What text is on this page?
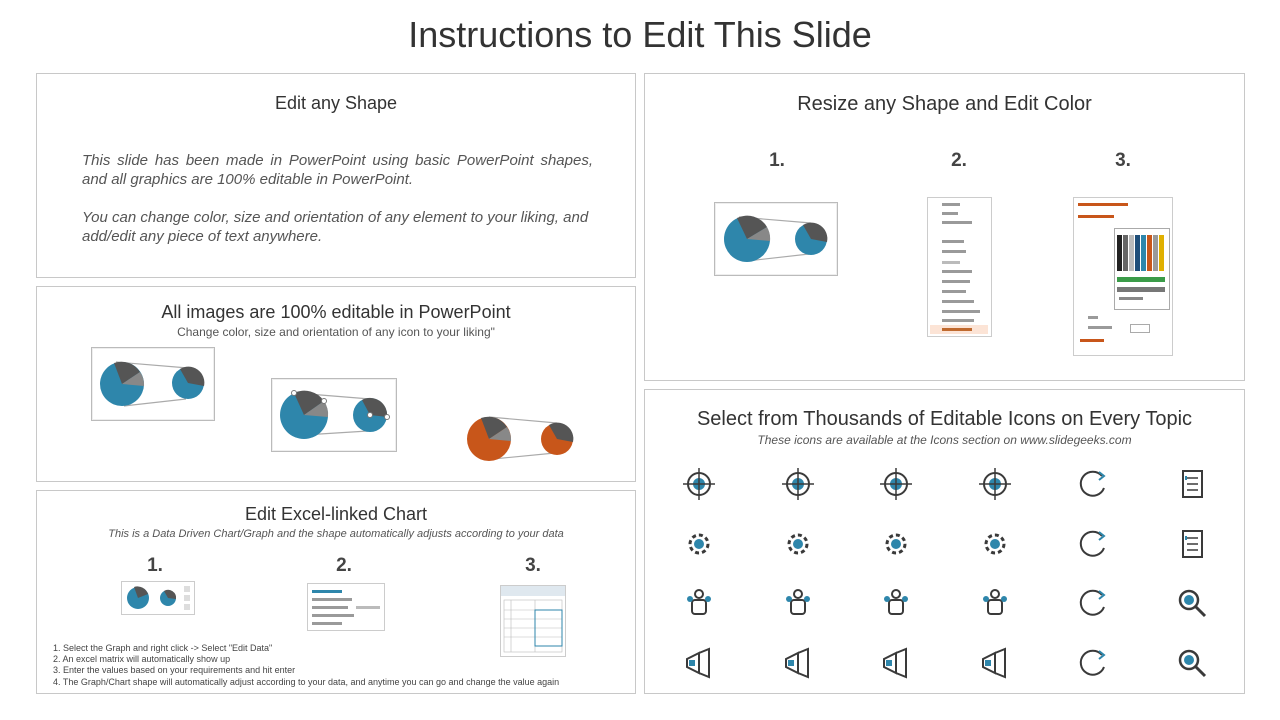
Instructions to Edit This Slide
Edit any Shape
This slide has been made in PowerPoint using basic PowerPoint shapes, and all graphics are 100% editable in PowerPoint.
You can change color, size and orientation of any element to your liking, and add/edit any piece of text anywhere.
All images are 100% editable in PowerPoint
Change color, size and orientation of any icon to your liking"
Edit Excel-linked Chart
This is a Data Driven Chart/Graph and the shape automatically adjusts according to your data
1.	2.	3.
1. Select the Graph and right click -> Select "Edit Data"
2. An excel matrix will automatically show up
3. Enter the values based on your requirements and hit enter
4. The Graph/Chart shape will automatically adjust according to your data, and anytime you can go and change the value again
Resize any Shape and Edit Color
1.	2.	3.
Select from Thousands of Editable Icons on Every Topic
These icons are available at the Icons section on www.slidegeeks.com
